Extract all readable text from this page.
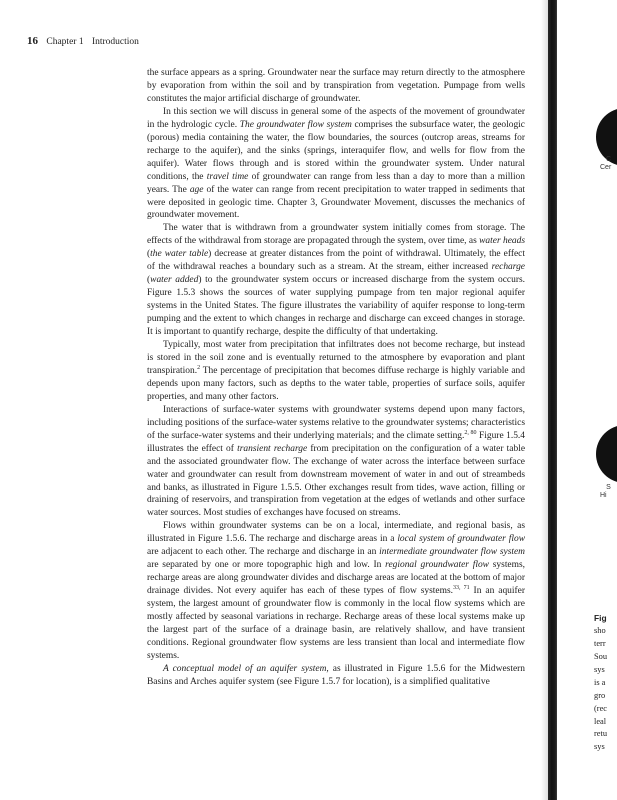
16 Chapter 1 Introduction

the surface appears as a spring. Groundwater near the surface may return directly to the atmosphere by evaporation from within the soil and by transpiration from vegetation. Pumpage from wells constitutes the major artificial discharge of groundwater.

In this section we will discuss in general some of the aspects of the movement of groundwater in the hydrologic cycle. The groundwater flow system comprises the subsurface water, the geologic (porous) media containing the water, the flow boundaries, the sources (outcrop areas, streams for recharge to the aquifer), and the sinks (springs, interaquifer flow, and wells for flow from the aquifer). Water flows through and is stored within the groundwater system. Under natural conditions, the travel time of groundwater can range from less than a day to more than a million years. The age of the water can range from recent precipitation to water trapped in sediments that were deposited in geologic time. Chapter 3, Groundwater Movement, discusses the mechanics of groundwater movement.

The water that is withdrawn from a groundwater system initially comes from storage. The effects of the withdrawal from storage are propagated through the system, over time, as water heads (the water table) decrease at greater distances from the point of withdrawal. Ultimately, the effect of the withdrawal reaches a boundary such as a stream. At the stream, either increased recharge (water added) to the groundwater system occurs or increased discharge from the system occurs. Figure 1.5.3 shows the sources of water supplying pumpage from ten major regional aquifer systems in the United States. The figure illustrates the variability of aquifer response to long-term pumping and the extent to which changes in recharge and discharge can exceed changes in storage. It is important to quantify recharge, despite the difficulty of that undertaking.

Typically, most water from precipitation that infiltrates does not become recharge, but instead is stored in the soil zone and is eventually returned to the atmosphere by evaporation and plant transpiration.$^2$ The percentage of precipitation that becomes diffuse recharge is highly variable and depends upon many factors, such as depths to the water table, properties of surface soils, aquifer properties, and many other factors.

Interactions of surface-water systems with groundwater systems depend upon many factors, including positions of the surface-water systems relative to the groundwater systems; characteristics of the surface-water systems and their underlying materials; and the climate setting.$^{2, 80}$ Figure 1.5.4 illustrates the effect of transient recharge from precipitation on the configuration of a water table and the associated groundwater flow. The exchange of water across the interface between surface water and groundwater can result from downstream movement of water in and out of streambeds and banks, as illustrated in Figure 1.5.5. Other exchanges result from tides, wave action, filling or draining of reservoirs, and transpiration from vegetation at the edges of wetlands and other surface water sources. Most studies of exchanges have focused on streams.

Flows within groundwater systems can be on a local, intermediate, and regional basis, as illustrated in Figure 1.5.6. The recharge and discharge areas in a local system of groundwater flow are adjacent to each other. The recharge and discharge in an intermediate groundwater flow system are separated by one or more topographic high and low. In regional groundwater flow systems, recharge areas are along groundwater divides and discharge areas are located at the bottom of major drainage divides. Not every aquifer has each of these types of flow systems.$^{33, 71}$ In an aquifer system, the largest amount of groundwater flow is commonly in the local flow systems which are mostly affected by seasonal variations in recharge. Recharge areas of these local systems make up the largest part of the surface of a drainage basin, are relatively shallow, and have transient conditions. Regional groundwater flow systems are less transient than local and intermediate flow systems.

A conceptual model of an aquifer system, as illustrated in Figure 1.5.6 for the Midwestern Basins and Arches aquifer system (see Figure 1.5.7 for location), is a simplified qualitative

C
Cer
S
Hi
Fig
sho
terr
Sou
sys
is a
gro
(rec
leal
retu
sys
